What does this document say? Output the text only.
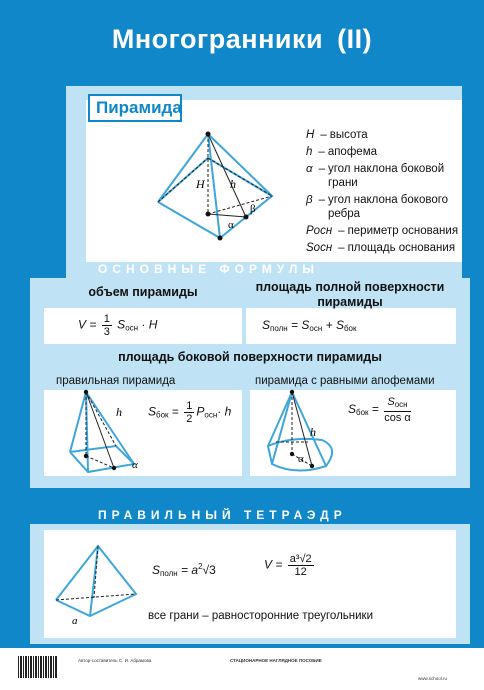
Многогранники (II)
Пирамида
H h
α
β
H – высота
h – апофема
α – угол наклона боковой грани
β – угол наклона бокового ребра
Pосн – периметр основания
Sосн – площадь основания
ОСНОВНЫЕ ФОРМУЛЫ
объем пирамиды
$V = \frac{1}{3} S_{осн} \cdot H$
площадь полной поверхности пирамиды
$S_{полн} = S_{осн} + S_{бок}$
площадь боковой поверхности пирамиды
правильная пирамида
h
α
$S_{бок} = \frac{1}{2} P_{осн}\cdot h$
пирамида с равными апофемами
h
α
$S_{бок} = \frac{S_{осн}}{\text{cos α}}$
ПРАВИЛЬНЫЙ ТЕТРАЭДР
a
$S_{полн} = a^2√3$	$V = \frac{\text{a³√2}}{12}$
все грани – равносторонние треугольники
Автор-составитель С. И. Абрамова	СТАЦИОНАРНОЕ НАГЛЯДНОЕ ПОСОБИЕ
www.school.ru
